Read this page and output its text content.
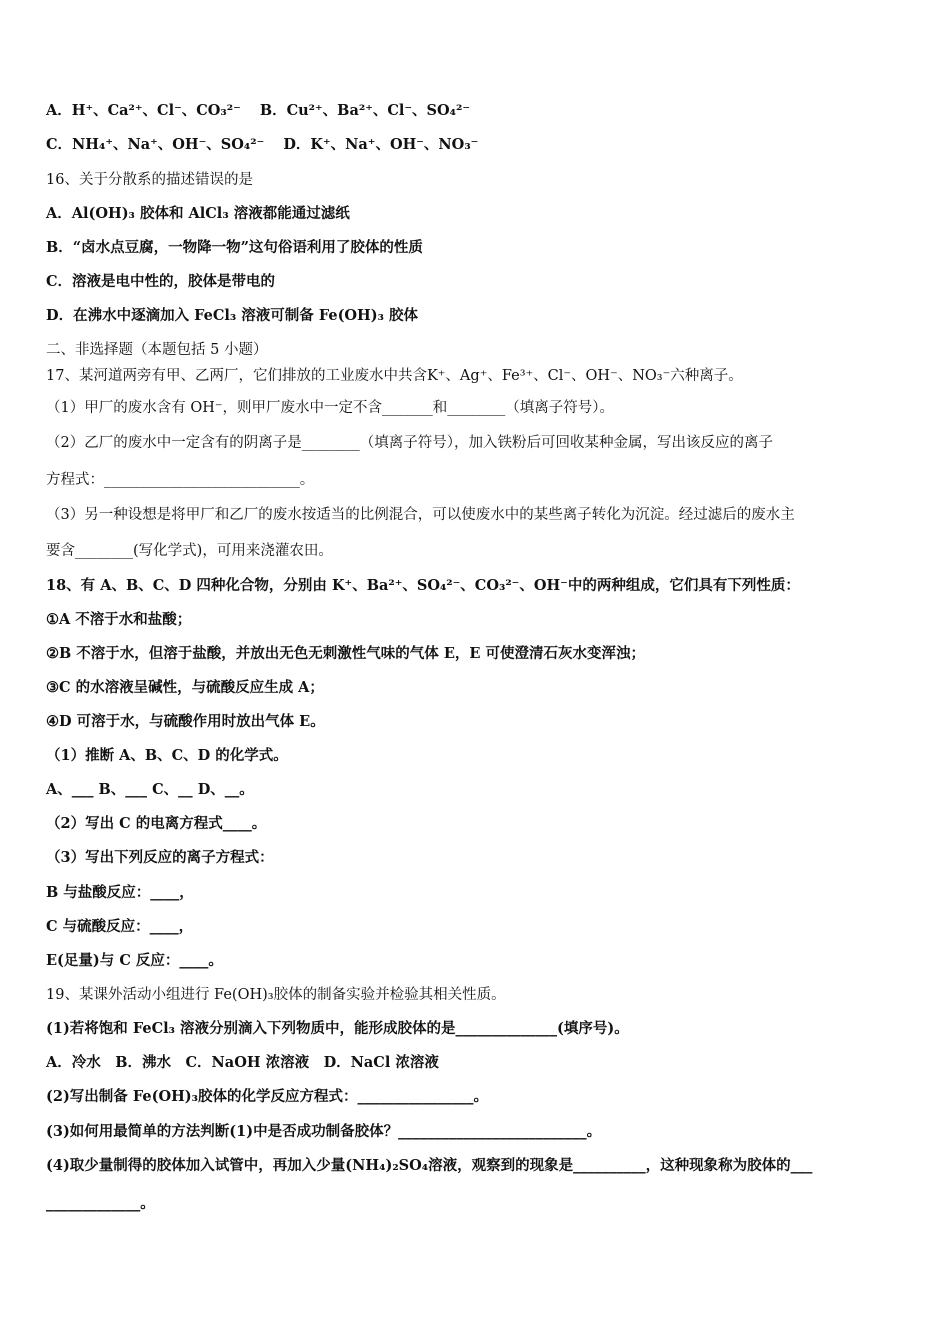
A．H⁺、Ca²⁺、Cl⁻、CO₃²⁻ B．Cu²⁺、Ba²⁺、Cl⁻、SO₄²⁻
C．NH₄⁺、Na⁺、OH⁻、SO₄²⁻ D．K⁺、Na⁺、OH⁻、NO₃⁻
16、关于分散系的描述错误的是
A．Al(OH)₃ 胶体和 AlCl₃ 溶液都能通过滤纸
B．“卤水点豆腐，一物降一物”这句俗语利用了胶体的性质
C．溶液是电中性的，胶体是带电的
D．在沸水中逐滴加入 FeCl₃ 溶液可制备 Fe(OH)₃ 胶体
二、非选择题（本题包括 5 小题）
17、某河道两旁有甲、乙两厂，它们排放的工业废水中共含K⁺、Ag⁺、Fe³⁺、Cl⁻、OH⁻、NO₃⁻六种离子。
（1）甲厂的废水含有 OH⁻，则甲厂废水中一定不含_______和________（填离子符号）。
（2）乙厂的废水中一定含有的阴离子是________（填离子符号），加入铁粉后可回收某种金属，写出该反应的离子
方程式：___________________________。
（3）另一种设想是将甲厂和乙厂的废水按适当的比例混合，可以使废水中的某些离子转化为沉淀。经过滤后的废水主
要含________(写化学式)，可用来浇灌农田。
18、有 A、B、C、D 四种化合物，分别由 K⁺、Ba²⁺、SO₄²⁻、CO₃²⁻、OH⁻中的两种组成，它们具有下列性质：
①A 不溶于水和盐酸；
②B 不溶于水，但溶于盐酸，并放出无色无刺激性气味的气体 E，E 可使澄清石灰水变浑浊；
③C 的水溶液呈碱性，与硫酸反应生成 A；
④D 可溶于水，与硫酸作用时放出气体 E。
（1）推断 A、B、C、D 的化学式。
A、___ B、___ C、__ D、__。
（2）写出 C 的电离方程式____。
（3）写出下列反应的离子方程式：
B 与盐酸反应：____，
C 与硫酸反应：____，
E(足量)与 C 反应：____。
19、某课外活动小组进行 Fe(OH)₃胶体的制备实验并检验其相关性质。
(1)若将饱和 FeCl₃ 溶液分别滴入下列物质中，能形成胶体的是______________(填序号)。
A．冷水　B．沸水　C．NaOH 浓溶液　D．NaCl 浓溶液
(2)写出制备 Fe(OH)₃胶体的化学反应方程式：________________。
(3)如何用最简单的方法判断(1)中是否成功制备胶体？__________________________。
(4)取少量制得的胶体加入试管中，再加入少量(NH₄)₂SO₄溶液，观察到的现象是__________，这种现象称为胶体的___
_____________。
